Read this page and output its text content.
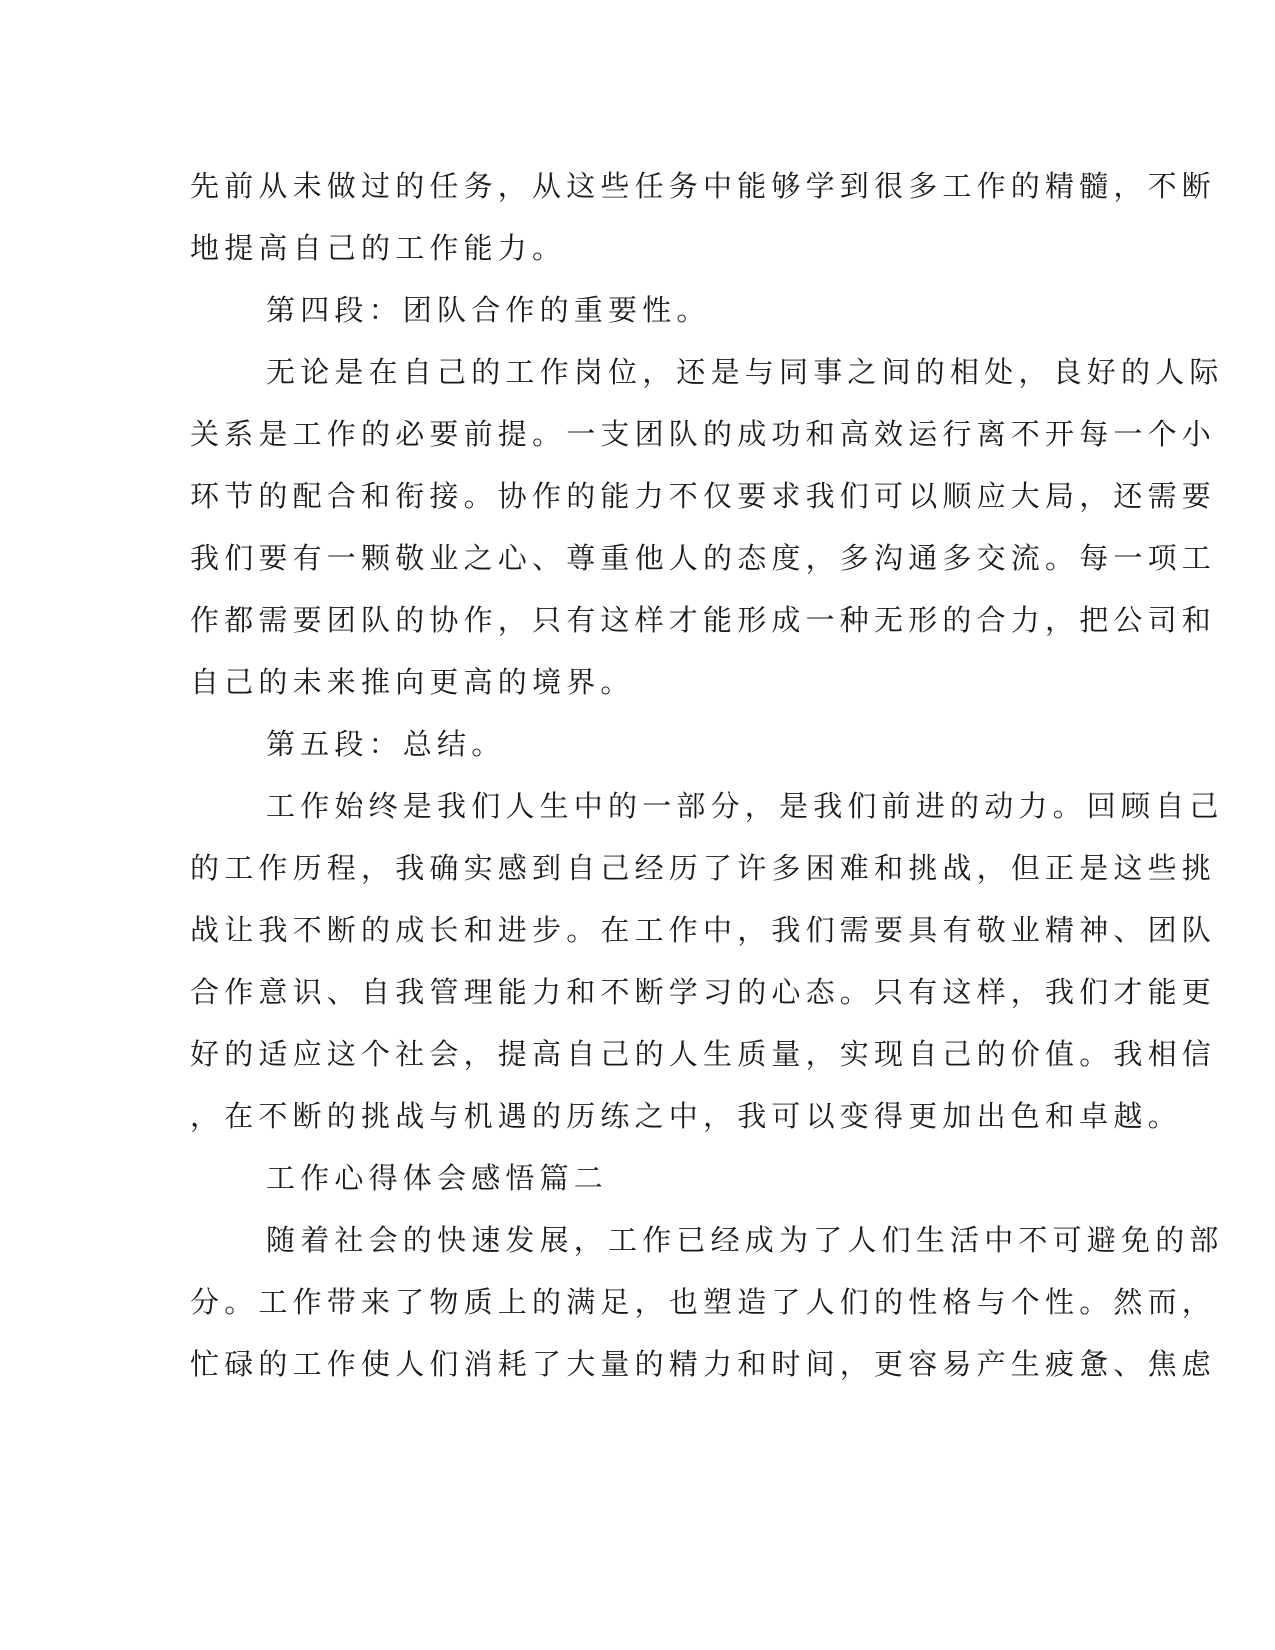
先前从未做过的任务，从这些任务中能够学到很多工作的精髓，不断
地提高自己的工作能力。
第四段：团队合作的重要性。
无论是在自己的工作岗位，还是与同事之间的相处，良好的人际
关系是工作的必要前提。一支团队的成功和高效运行离不开每一个小
环节的配合和衔接。协作的能力不仅要求我们可以顺应大局，还需要
我们要有一颗敬业之心、尊重他人的态度，多沟通多交流。每一项工
作都需要团队的协作，只有这样才能形成一种无形的合力，把公司和
自己的未来推向更高的境界。
第五段：总结。
工作始终是我们人生中的一部分，是我们前进的动力。回顾自己
的工作历程，我确实感到自己经历了许多困难和挑战，但正是这些挑
战让我不断的成长和进步。在工作中，我们需要具有敬业精神、团队
合作意识、自我管理能力和不断学习的心态。只有这样，我们才能更
好的适应这个社会，提高自己的人生质量，实现自己的价值。我相信
，在不断的挑战与机遇的历练之中，我可以变得更加出色和卓越。
工作心得体会感悟篇二
随着社会的快速发展，工作已经成为了人们生活中不可避免的部
分。工作带来了物质上的满足，也塑造了人们的性格与个性。然而，
忙碌的工作使人们消耗了大量的精力和时间，更容易产生疲惫、焦虑
